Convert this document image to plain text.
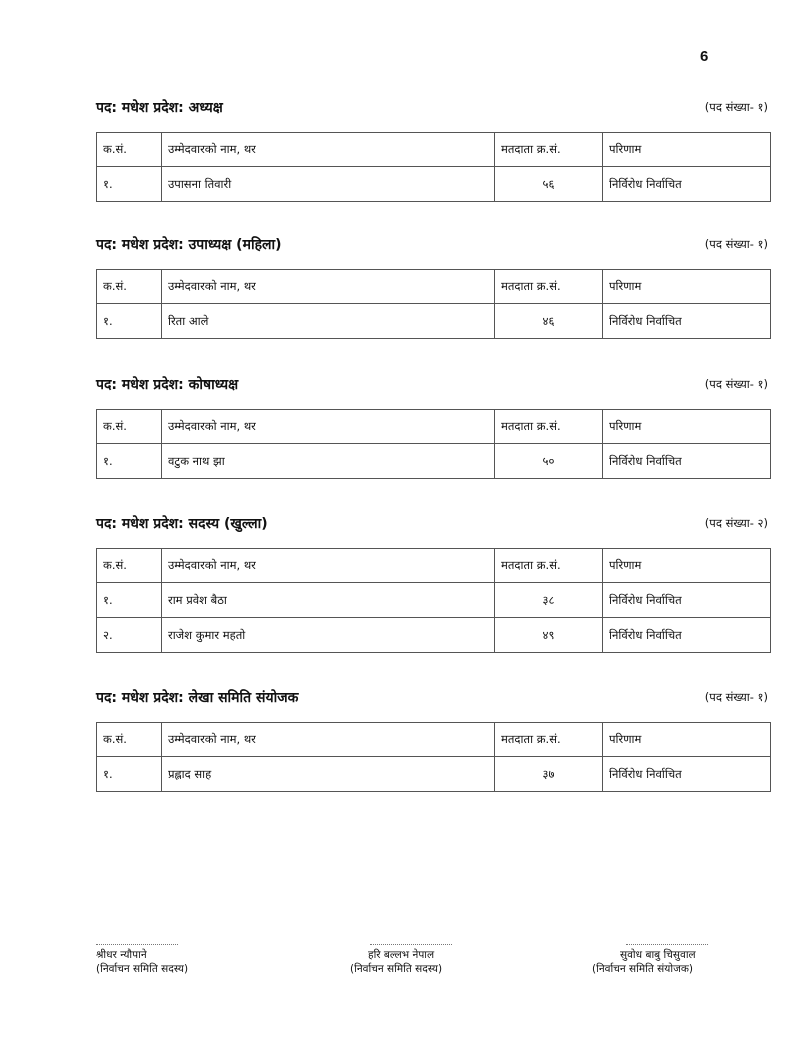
6
पद: मधेश प्रदेश: अध्यक्ष	(पद संख्या- १)
क.सं.	उम्मेदवारको नाम, थर	मतदाता क्र.सं.	परिणाम
१.	उपासना तिवारी	५६	निर्विरोध निर्वाचित
पद: मधेश प्रदेश: उपाध्यक्ष (महिला)	(पद संख्या- १)
क.सं.	उम्मेदवारको नाम, थर	मतदाता क्र.सं.	परिणाम
१.	रिता आले	४६	निर्विरोध निर्वाचित
पद: मधेश प्रदेश: कोषाध्यक्ष	(पद संख्या- १)
क.सं.	उम्मेदवारको नाम, थर	मतदाता क्र.सं.	परिणाम
१.	वटुक नाथ झा	५०	निर्विरोध निर्वाचित
पद: मधेश प्रदेश: सदस्य (खुल्ला)	(पद संख्या- २)
क.सं.	उम्मेदवारको नाम, थर	मतदाता क्र.सं.	परिणाम
१.	राम प्रवेश बैठा	३८	निर्विरोध निर्वाचित
२.	राजेश कुमार महतो	४९	निर्विरोध निर्वाचित
पद: मधेश प्रदेश: लेखा समिति संयोजक	(पद संख्या- १)
क.सं.	उम्मेदवारको नाम, थर	मतदाता क्र.सं.	परिणाम
१.	प्रह्लाद साह	३७	निर्विरोध निर्वाचित
श्रीधर न्यौपाने
(निर्वाचन समिति सदस्य)
हरि बल्लभ नेपाल
(निर्वाचन समिति सदस्य)
सुवोध बाबु चिसुवाल
(निर्वाचन समिति संयोजक)
